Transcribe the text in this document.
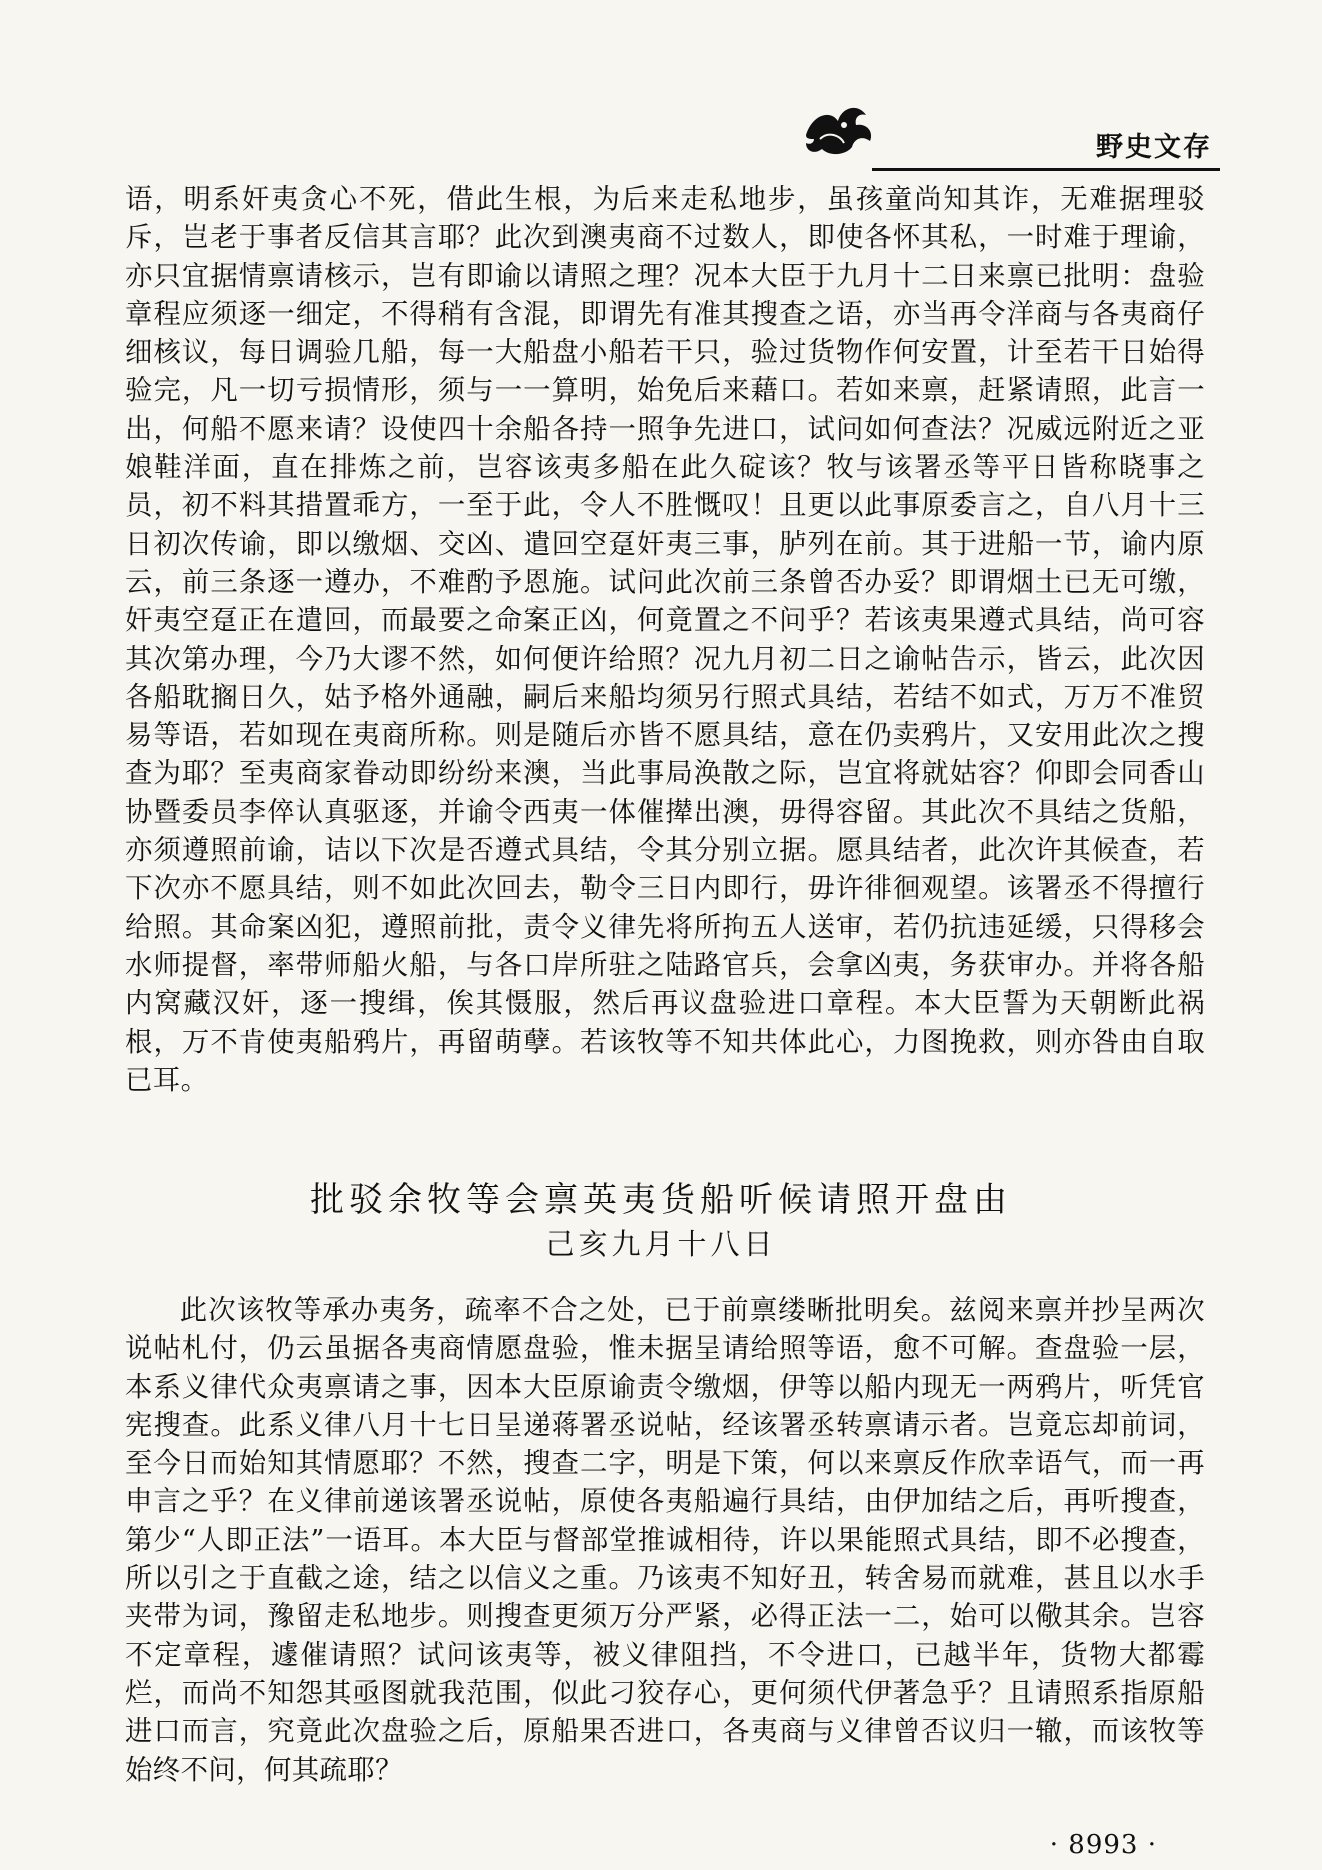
野史文存

语，明系奸夷贪心不死，借此生根，为后来走私地步，虽孩童尚知其诈，无难据理驳斥，岂老于事者反信其言耶？此次到澳夷商不过数人，即使各怀其私，一时难于理谕，亦只宜据情禀请核示，岂有即谕以请照之理？况本大臣于九月十二日来禀已批明：盘验章程应须逐一细定，不得稍有含混，即谓先有准其搜查之语，亦当再令洋商与各夷商仔细核议，每日调验几船，每一大船盘小船若干只，验过货物作何安置，计至若干日始得验完，凡一切亏损情形，须与一一算明，始免后来藉口。若如来禀，赶紧请照，此言一出，何船不愿来请？设使四十余船各持一照争先进口，试问如何查法？况威远附近之亚娘鞋洋面，直在排炼之前，岂容该夷多船在此久碇该？牧与该署丞等平日皆称晓事之员，初不料其措置乖方，一至于此，令人不胜慨叹！且更以此事原委言之，自八月十三日初次传谕，即以缴烟、交凶、遣回空趸奸夷三事，胪列在前。其于进船一节，谕内原云，前三条逐一遵办，不难酌予恩施。试问此次前三条曾否办妥？即谓烟土已无可缴，奸夷空趸正在遣回，而最要之命案正凶，何竟置之不问乎？若该夷果遵式具结，尚可容其次第办理，今乃大谬不然，如何便许给照？况九月初二日之谕帖告示，皆云，此次因各船耽搁日久，姑予格外通融，嗣后来船均须另行照式具结，若结不如式，万万不准贸易等语，若如现在夷商所称。则是随后亦皆不愿具结，意在仍卖鸦片，又安用此次之搜查为耶？至夷商家眷动即纷纷来澳，当此事局涣散之际，岂宜将就姑容？仰即会同香山协暨委员李倅认真驱逐，并谕令西夷一体催撵出澳，毋得容留。其此次不具结之货船，亦须遵照前谕，诘以下次是否遵式具结，令其分别立据。愿具结者，此次许其候查，若下次亦不愿具结，则不如此次回去，勒令三日内即行，毋许徘徊观望。该署丞不得擅行给照。其命案凶犯，遵照前批，责令义律先将所拘五人送审，若仍抗违延缓，只得移会水师提督，率带师船火船，与各口岸所驻之陆路官兵，会拿凶夷，务获审办。并将各船内窝藏汉奸，逐一搜缉，俟其慑服，然后再议盘验进口章程。本大臣誓为天朝断此祸根，万不肯使夷船鸦片，再留萌孽。若该牧等不知共体此心，力图挽救，则亦咎由自取已耳。

批驳余牧等会禀英夷货船听候请照开盘由
己亥九月十八日

此次该牧等承办夷务，疏率不合之处，已于前禀缕晰批明矣。兹阅来禀并抄呈两次说帖札付，仍云虽据各夷商情愿盘验，惟未据呈请给照等语，愈不可解。查盘验一层，本系义律代众夷禀请之事，因本大臣原谕责令缴烟，伊等以船内现无一两鸦片，听凭官宪搜查。此系义律八月十七日呈递蒋署丞说帖，经该署丞转禀请示者。岂竟忘却前词，至今日而始知其情愿耶？不然，搜查二字，明是下策，何以来禀反作欣幸语气，而一再申言之乎？在义律前递该署丞说帖，原使各夷船遍行具结，由伊加结之后，再听搜查，第少“人即正法”一语耳。本大臣与督部堂推诚相待，许以果能照式具结，即不必搜查，所以引之于直截之途，结之以信义之重。乃该夷不知好丑，转舍易而就难，甚且以水手夹带为词，豫留走私地步。则搜查更须万分严紧，必得正法一二，始可以儆其余。岂容不定章程，遽催请照？试问该夷等，被义律阻挡，不令进口，已越半年，货物大都霉烂，而尚不知怨其亟图就我范围，似此刁狡存心，更何须代伊著急乎？且请照系指原船进口而言，究竟此次盘验之后，原船果否进口，各夷商与义律曾否议归一辙，而该牧等始终不问，何其疏耶？

· 8993 ·
